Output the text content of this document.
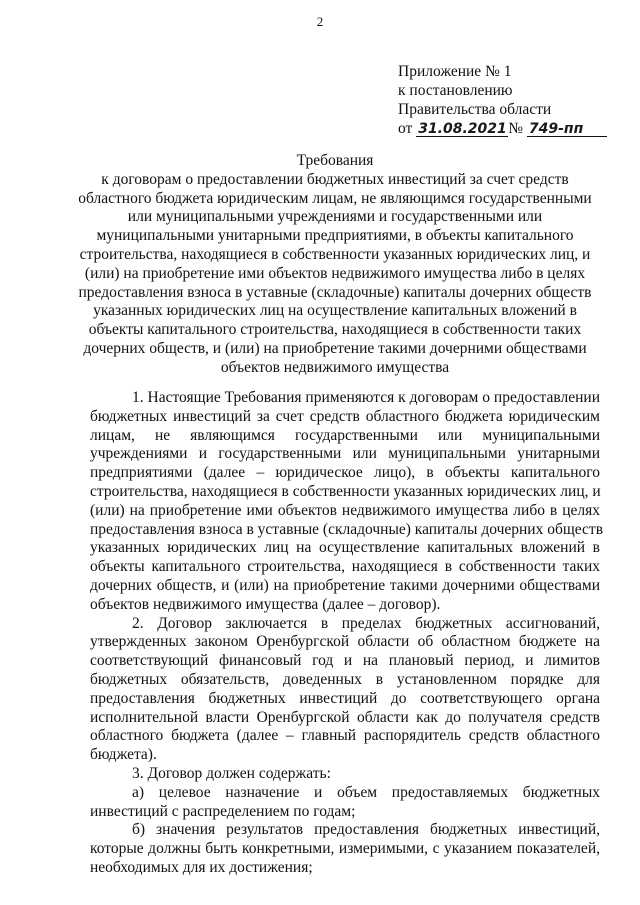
2
Приложение № 1
к постановлению
Правительства области
от 31.08.2021№ 749-пп
Требования
к договорам о предоставлении бюджетных инвестиций за счет средств
областного бюджета юридическим лицам, не являющимся государственными
или муниципальными учреждениями и государственными или
муниципальными унитарными предприятиями, в объекты капитального
строительства, находящиеся в собственности указанных юридических лиц, и
(или) на приобретение ими объектов недвижимого имущества либо в целях
предоставления взноса в уставные (складочные) капиталы дочерних обществ
указанных юридических лиц на осуществление капитальных вложений в
объекты капитального строительства, находящиеся в собственности таких
дочерних обществ, и (или) на приобретение такими дочерними обществами
объектов недвижимого имущества
1. Настоящие Требования применяются к договорам о предоставлении
бюджетных инвестиций за счет средств областного бюджета юридическим
лицам, не являющимся государственными или муниципальными
учреждениями и государственными или муниципальными унитарными
предприятиями (далее – юридическое лицо), в объекты капитального
строительства, находящиеся в собственности указанных юридических лиц, и
(или) на приобретение ими объектов недвижимого имущества либо в целях
предоставления взноса в уставные (складочные) капиталы дочерних обществ
указанных юридических лиц на осуществление капитальных вложений в
объекты капитального строительства, находящиеся в собственности таких
дочерних обществ, и (или) на приобретение такими дочерними обществами
объектов недвижимого имущества (далее – договор).
2. Договор заключается в пределах бюджетных ассигнований,
утвержденных законом Оренбургской области об областном бюджете на
соответствующий финансовый год и на плановый период, и лимитов
бюджетных обязательств, доведенных в установленном порядке для
предоставления бюджетных инвестиций до соответствующего органа
исполнительной власти Оренбургской области как до получателя средств
областного бюджета (далее – главный распорядитель средств областного
бюджета).
3. Договор должен содержать:
а) целевое назначение и объем предоставляемых бюджетных
инвестиций с распределением по годам;
б) значения результатов предоставления бюджетных инвестиций,
которые должны быть конкретными, измеримыми, с указанием показателей,
необходимых для их достижения;
